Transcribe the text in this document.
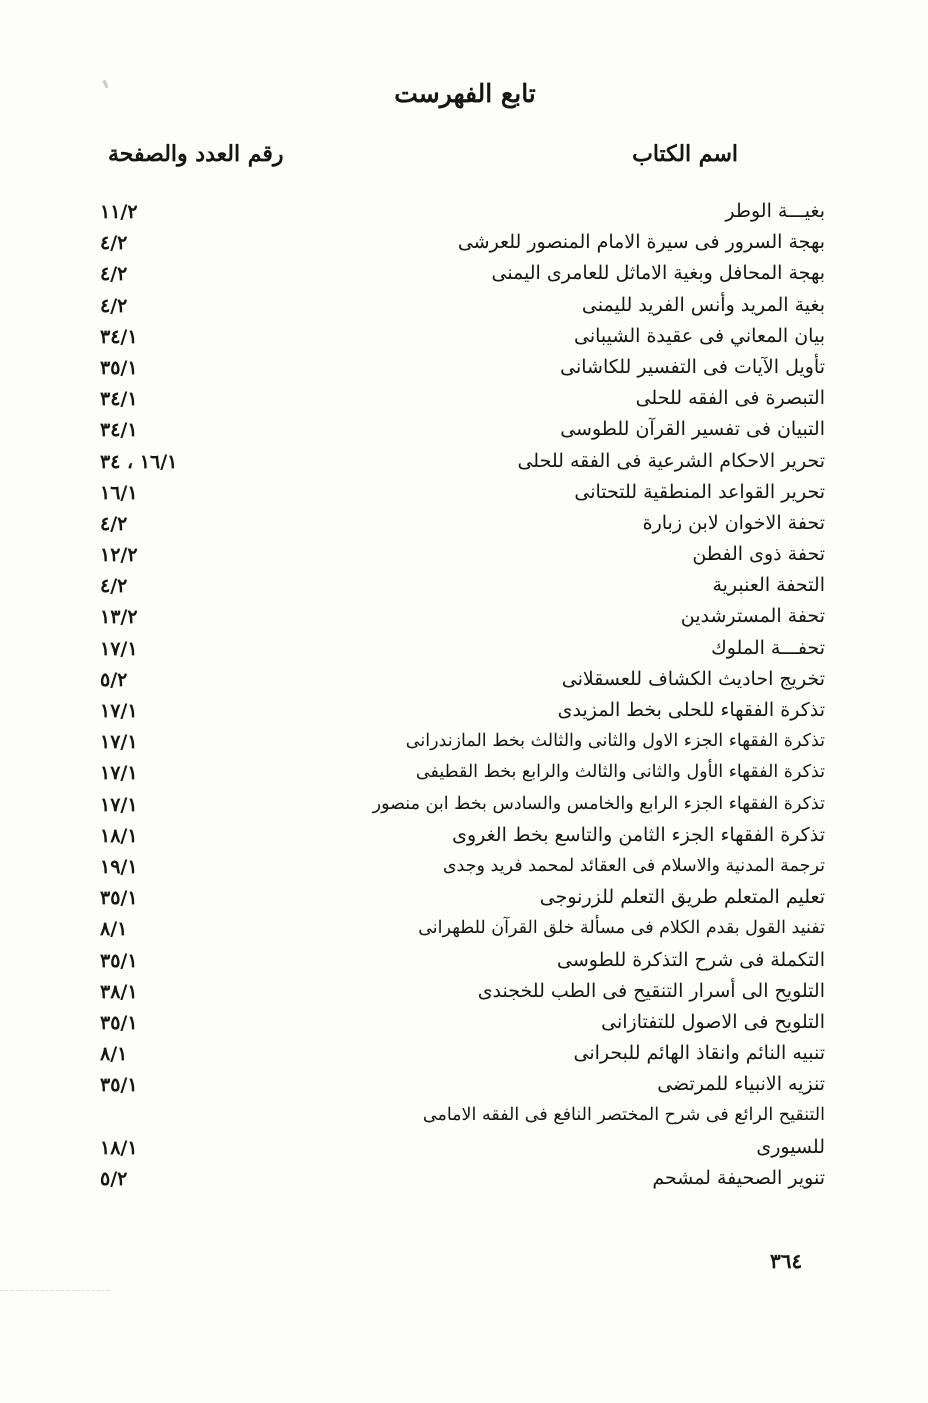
تابع الفهرست
اسم الكتاب
رقم العدد والصفحة
بغيـــة الوطر
١١/٢
بهجة السرور فى سيرة الامام المنصور للعرشى
٤/٢
بهجة المحافل وبغية الاماثل للعامرى اليمنى
٤/٢
بغية المريد وأنس الفريد لليمنى
٤/٢
بيان المعاني فى عقيدة الشيبانى
٣٤/١
تأويل الآيات فى التفسير للكاشانى
٣٥/١
التبصرة فى الفقه للحلى
٣٤/١
التبيان فى تفسير القرآن للطوسى
٣٤/١
تحرير الاحكام الشرعية فى الفقه للحلى
١٦/١ ، ٣٤
تحرير القواعد المنطقية للتحتانى
١٦/١
تحفة الاخوان لابن زبارة
٤/٢
تحفة ذوى الفطن
١٢/٢
التحفة العنبرية
٤/٢
تحفة المسترشدين
١٣/٢
تحفـــة الملوك
١٧/١
تخريج احاديث الكشاف للعسقلانى
٥/٢
تذكرة الفقهاء للحلى بخط المزيدى
١٧/١
تذكرة الفقهاء الجزء الاول والثانى والثالث بخط المازندرانى
١٧/١
تذكرة الفقهاء الأول والثانى والثالث والرابع بخط القطيفى
١٧/١
تذكرة الفقهاء الجزء الرابع والخامس والسادس بخط ابن منصور
١٧/١
تذكرة الفقهاء الجزء الثامن والتاسع بخط الغروى
١٨/١
ترجمة المدنية والاسلام فى العقائد لمحمد فريد وجدى
١٩/١
تعليم المتعلم طريق التعلم للزرنوجى
٣٥/١
تفنيد القول بقدم الكلام فى مسألة خلق القرآن للطهرانى
٨/١
التكملة فى شرح التذكرة للطوسى
٣٥/١
التلويح الى أسرار التنقيح فى الطب للخجندى
٣٨/١
التلويح فى الاصول للتفتازانى
٣٥/١
تنبيه النائم وانقاذ الهائم للبحرانى
٨/١
تنزيه الانبياء للمرتضى
٣٥/١
التنقيح الرائع فى شرح المختصر النافع فى الفقه الامامى
للسيورى
١٨/١
تنوير الصحيفة لمشحم
٥/٢
٣٦٤
